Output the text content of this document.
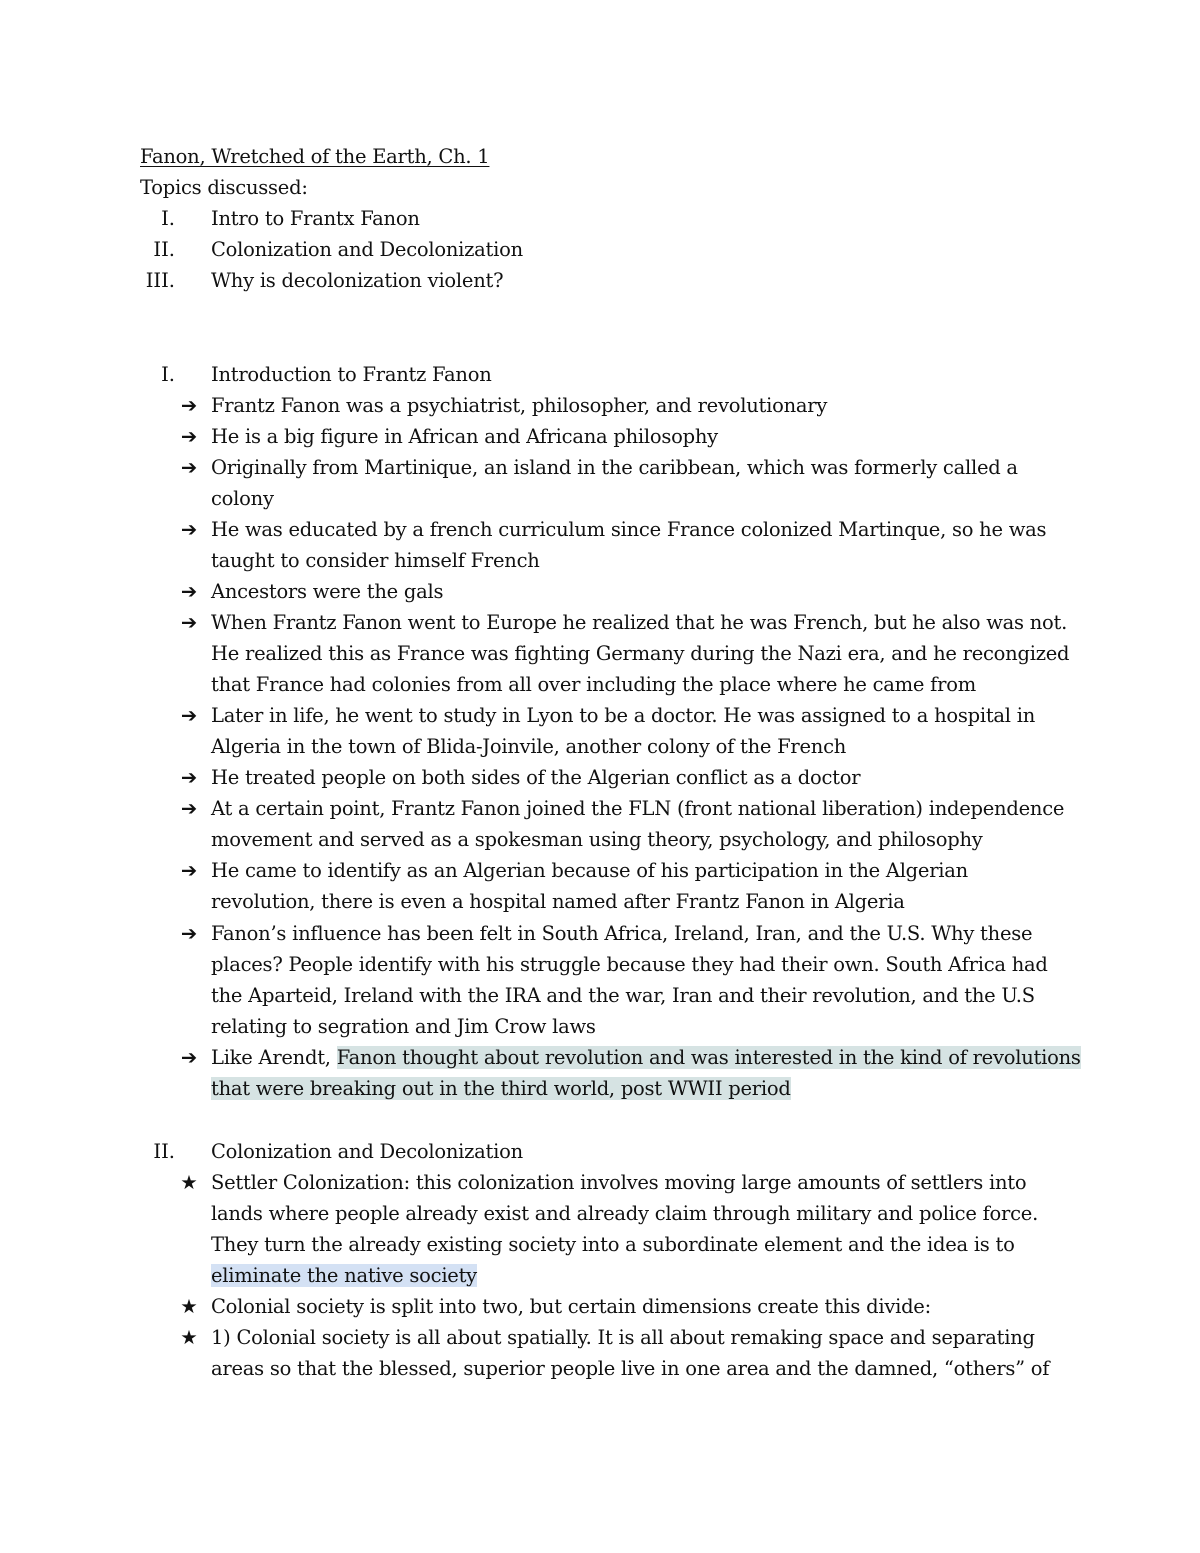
Fanon, Wretched of the Earth, Ch. 1
Topics discussed:
I. Intro to Frantx Fanon
II. Colonization and Decolonization
III. Why is decolonization violent?
I. Introduction to Frantz Fanon
➔ Frantz Fanon was a psychiatrist, philosopher, and revolutionary
➔ He is a big figure in African and Africana philosophy
➔ Originally from Martinique, an island in the caribbean, which was formerly called a
colony
➔ He was educated by a french curriculum since France colonized Martinque, so he was
taught to consider himself French
➔ Ancestors were the gals
➔ When Frantz Fanon went to Europe he realized that he was French, but he also was not.
He realized this as France was fighting Germany during the Nazi era, and he recongized
that France had colonies from all over including the place where he came from
➔ Later in life, he went to study in Lyon to be a doctor. He was assigned to a hospital in
Algeria in the town of Blida-Joinvile, another colony of the French
➔ He treated people on both sides of the Algerian conflict as a doctor
➔ At a certain point, Frantz Fanon joined the FLN (front national liberation) independence
movement and served as a spokesman using theory, psychology, and philosophy
➔ He came to identify as an Algerian because of his participation in the Algerian
revolution, there is even a hospital named after Frantz Fanon in Algeria
➔ Fanon’s influence has been felt in South Africa, Ireland, Iran, and the U.S. Why these
places? People identify with his struggle because they had their own. South Africa had
the Aparteid, Ireland with the IRA and the war, Iran and their revolution, and the U.S
relating to segration and Jim Crow laws
➔ Like Arendt, Fanon thought about revolution and was interested in the kind of revolutions
that were breaking out in the third world, post WWII period
II. Colonization and Decolonization
★ Settler Colonization: this colonization involves moving large amounts of settlers into
lands where people already exist and already claim through military and police force.
They turn the already existing society into a subordinate element and the idea is to
eliminate the native society
★ Colonial society is split into two, but certain dimensions create this divide:
★ 1) Colonial society is all about spatially. It is all about remaking space and separating
areas so that the blessed, superior people live in one area and the damned, “others” of
